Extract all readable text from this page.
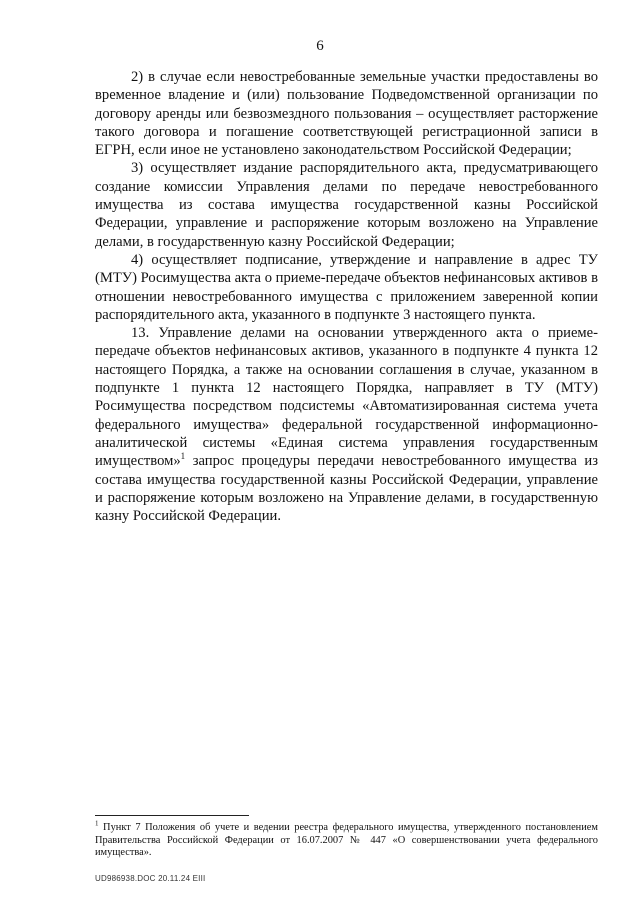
6

2) в случае если невостребованные земельные участки предоставлены во временное владение и (или) пользование Подведомственной организации по договору аренды или безвозмездного пользования – осуществляет расторжение такого договора и погашение соответствующей регистрационной записи в ЕГРН, если иное не установлено законодательством Российской Федерации;

3) осуществляет издание распорядительного акта, предусматривающего создание комиссии Управления делами по передаче невостребованного имущества из состава имущества государственной казны Российской Федерации, управление и распоряжение которым возложено на Управление делами, в государственную казну Российской Федерации;

4) осуществляет подписание, утверждение и направление в адрес ТУ (МТУ) Росимущества акта о приеме-передаче объектов нефинансовых активов в отношении невостребованного имущества с приложением заверенной копии распорядительного акта, указанного в подпункте 3 настоящего пункта.

13. Управление делами на основании утвержденного акта о приеме-передаче объектов нефинансовых активов, указанного в подпункте 4 пункта 12 настоящего Порядка, а также на основании соглашения в случае, указанном в подпункте 1 пункта 12 настоящего Порядка, направляет в ТУ (МТУ) Росимущества посредством подсистемы «Автоматизированная система учета федерального имущества» федеральной государственной информационно-аналитической системы «Единая система управления государственным имуществом»$^1$ запрос процедуры передачи невостребованного имущества из состава имущества государственной казны Российской Федерации, управление и распоряжение которым возложено на Управление делами, в государственную казну Российской Федерации.

$^1$ Пункт 7 Положения об учете и ведении реестра федерального имущества, утвержденного постановлением Правительства Российской Федерации от 16.07.2007 № 447 «О совершенствовании учета федерального имущества».
UD986938.DOC 20.11.24 EIII
